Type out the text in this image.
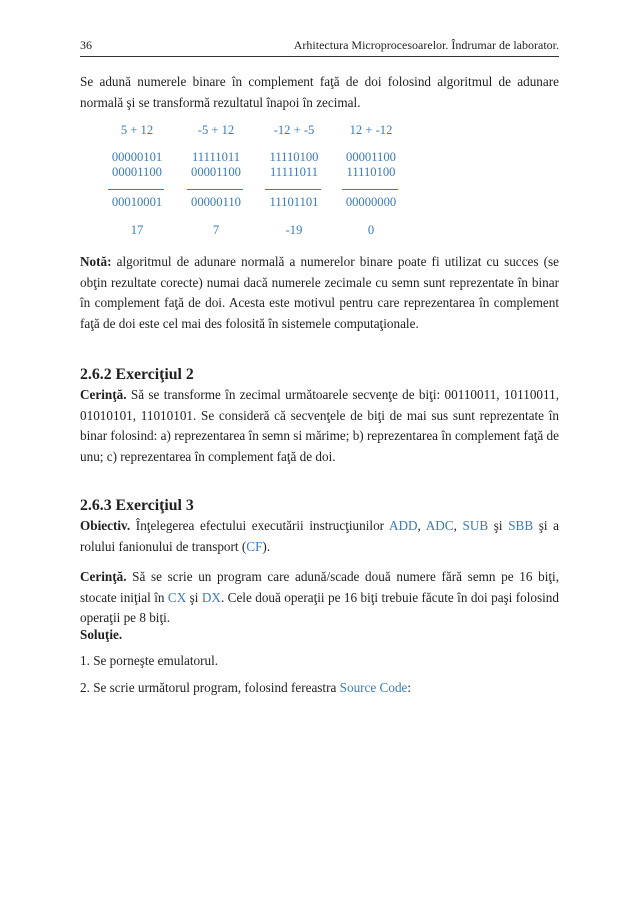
36	Arhitectura Microprocesoarelor. Îndrumar de laborator.
Se adună numerele binare în complement faţă de doi folosind algoritmul de adunare normală şi se transformă rezultatul înapoi în zecimal.
5 + 12	-5 + 12	-12 + -5	12 + -12
00000101	11111011	11110100	00001100
00001100	00001100	11111011	11110100
00010001	00000110	11101101	00000000
17	7	-19	0
Notă: algoritmul de adunare normală a numerelor binare poate fi utilizat cu succes (se obţin rezultate corecte) numai dacă numerele zecimale cu semn sunt reprezentate în binar în complement faţă de doi. Acesta este motivul pentru care reprezentarea în complement faţă de doi este cel mai des folosită în sistemele computaţionale.
2.6.2 Exerciţiul 2
Cerinţă. Să se transforme în zecimal următoarele secvenţe de biţi: 00110011, 10110011, 01010101, 11010101. Se consideră că secvenţele de biţi de mai sus sunt reprezentate în binar folosind: a) reprezentarea în semn si mărime; b) reprezentarea în complement faţă de unu; c) reprezentarea în complement faţă de doi.
2.6.3 Exerciţiul 3
Obiectiv. Înţelegerea efectului executării instrucţiunilor ADD, ADC, SUB şi SBB şi a rolului fanionului de transport (CF).
Cerinţă. Să se scrie un program care adună/scade două numere fără semn pe 16 biţi, stocate iniţial în CX şi DX. Cele două operaţii pe 16 biţi trebuie făcute în doi paşi folosind operaţii pe 8 biţi.
Soluţie.
1. Se porneşte emulatorul.
2. Se scrie următorul program, folosind fereastra Source Code:
